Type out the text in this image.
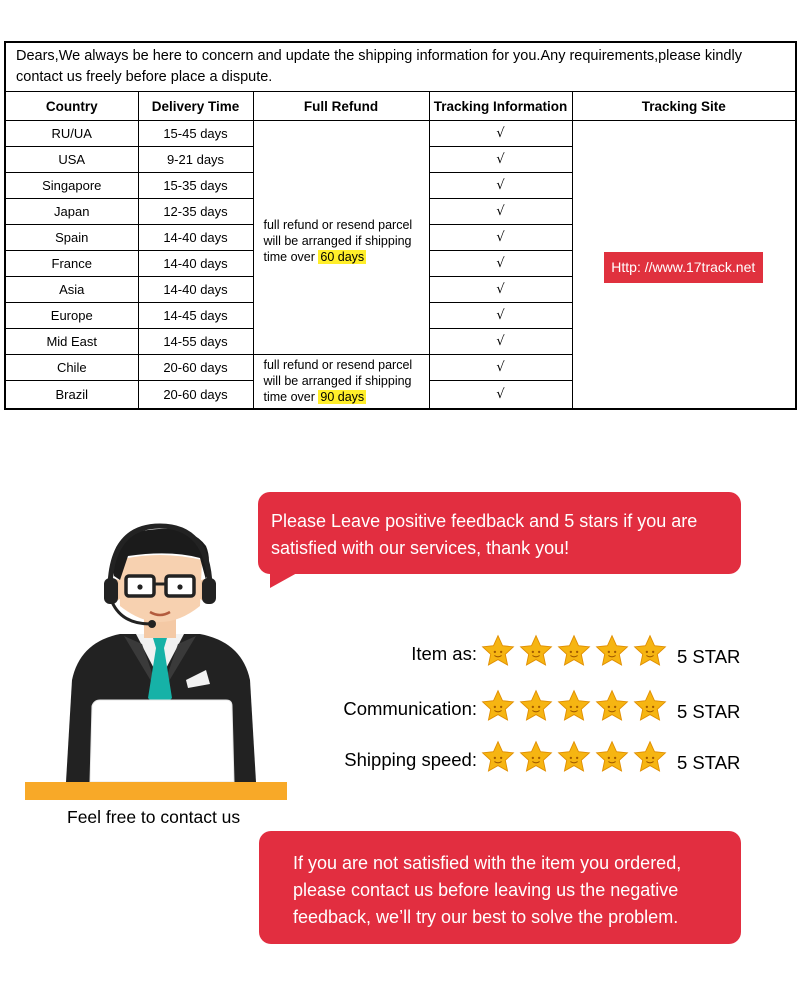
Dears,We always be here to concern and update the shipping information for you.Any requirements,please kindly contact us freely before place a dispute.				
Country	Delivery Time	Full Refund	Tracking Information	Tracking Site
RU/UA	15-45 days	full refund or resend parcel
will be arranged if shipping
time over 60 days	√	Http: //www.17track.net
USA	9-21 days		√	
Singapore	15-35 days		√	
Japan	12-35 days		√	
Spain	14-40 days		√	
France	14-40 days		√	
Asia	14-40 days		√	
Europe	14-45 days		√	
Mid East	14-55 days		√	
Chile	20-60 days	full refund or resend parcel
will be arranged if shipping
time over 90 days	√	
Brazil	20-60 days		√	
Please Leave positive feedback and 5 stars if you are satisfied with our services, thank you!
Feel free to contact us
Item as:	5 STAR
Communication:	5 STAR
Shipping speed:	5 STAR
If you are not satisfied with the item you ordered, please contact us before leaving us the negative feedback, we’ll try our best to solve the problem.
